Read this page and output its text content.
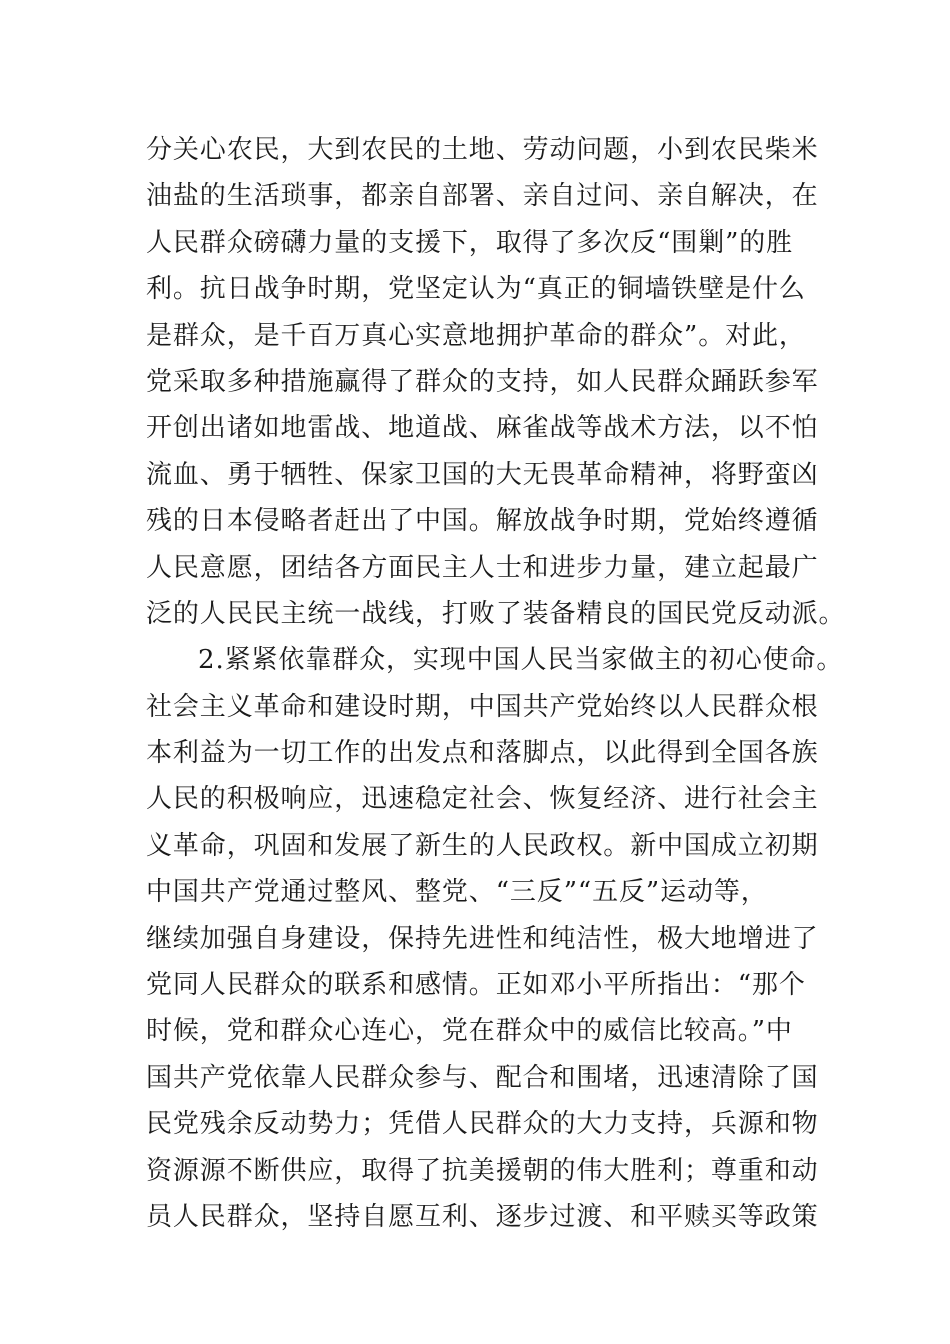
分关心农民，大到农民的土地、劳动问题，小到农民柴米
油盐的生活琐事，都亲自部署、亲自过问、亲自解决，在
人民群众磅礴力量的支援下，取得了多次反“围剿”的胜
利。抗日战争时期，党坚定认为“真正的铜墙铁壁是什么
是群众，是千百万真心实意地拥护革命的群众”。对此，
党采取多种措施赢得了群众的支持，如人民群众踊跃参军
开创出诸如地雷战、地道战、麻雀战等战术方法，以不怕
流血、勇于牺牲、保家卫国的大无畏革命精神，将野蛮凶
残的日本侵略者赶出了中国。解放战争时期，党始终遵循
人民意愿，团结各方面民主人士和进步力量，建立起最广
泛的人民民主统一战线，打败了装备精良的国民党反动派。
2.紧紧依靠群众，实现中国人民当家做主的初心使命。
社会主义革命和建设时期，中国共产党始终以人民群众根
本利益为一切工作的出发点和落脚点，以此得到全国各族
人民的积极响应，迅速稳定社会、恢复经济、进行社会主
义革命，巩固和发展了新生的人民政权。新中国成立初期
中国共产党通过整风、整党、“三反”“五反”运动等，
继续加强自身建设，保持先进性和纯洁性，极大地增进了
党同人民群众的联系和感情。正如邓小平所指出：“那个
时候，党和群众心连心，党在群众中的威信比较高。”中
国共产党依靠人民群众参与、配合和围堵，迅速清除了国
民党残余反动势力；凭借人民群众的大力支持，兵源和物
资源源不断供应，取得了抗美援朝的伟大胜利；尊重和动
员人民群众，坚持自愿互利、逐步过渡、和平赎买等政策
